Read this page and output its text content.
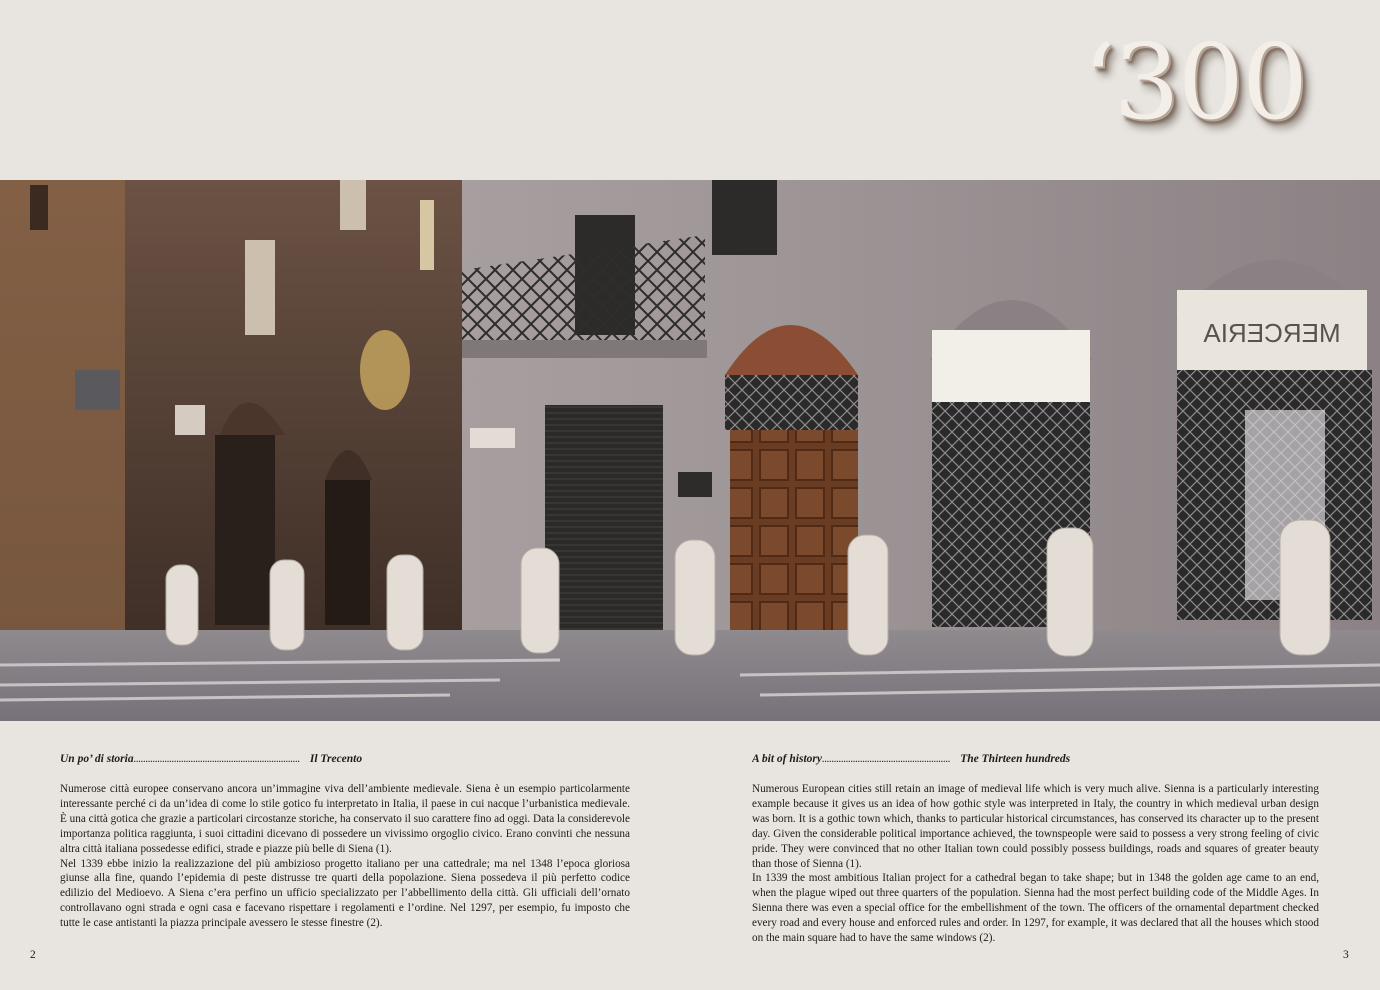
‘300
MERCERIA
Un po’ di storia...................................................................... Il Trecento

Numerose città europee conservano ancora un’immagine viva dell’ambiente medievale. Siena è un esempio particolarmente interessante perché ci da un’idea di come lo stile gotico fu interpretato in Italia, il paese in cui nacque l’urbanistica medievale. È una città gotica che grazie a particolari circostanze storiche, ha conservato il suo carattere fino ad oggi. Data la considerevole importanza politica raggiunta, i suoi cittadini dicevano di possedere un vivissimo orgoglio civico. Erano convinti che nessuna altra città italiana possedesse edifici, strade e piazze più belle di Siena (1).

Nel 1339 ebbe inizio la realizzazione del più ambizioso progetto italiano per una cattedrale; ma nel 1348 l’epoca gloriosa giunse alla fine, quando l’epidemia di peste distrusse tre quarti della popolazione. Siena possedeva il più perfetto codice edilizio del Medioevo. A Siena c’era perfino un ufficio specializzato per l’abbellimento della città. Gli ufficiali dell’ornato controllavano ogni strada e ogni casa e facevano rispettare i regolamenti e l’ordine. Nel 1297, per esempio, fu imposto che tutte le case antistanti la piazza principale avessero le stesse finestre (2).

A bit of history...................................................... The Thirteen hundreds

Numerous European cities still retain an image of medieval life which is very much alive. Sienna is a particularly interesting example because it gives us an idea of how gothic style was interpreted in Italy, the country in which medieval urban design was born. It is a gothic town which, thanks to particular historical circumstances, has conserved its character up to the present day. Given the considerable political importance achieved, the townspeople were said to possess a very strong feeling of civic pride. They were convinced that no other Italian town could possibly possess buildings, roads and squares of greater beauty than those of Sienna (1).

In 1339 the most ambitious Italian project for a cathedral began to take shape; but in 1348 the golden age came to an end, when the plague wiped out three quarters of the population. Sienna had the most perfect building code of the Middle Ages. In Sienna there was even a special office for the embellishment of the town. The officers of the ornamental department checked every road and every house and enforced rules and order. In 1297, for example, it was declared that all the houses which stood on the main square had to have the same windows (2).

2	3
